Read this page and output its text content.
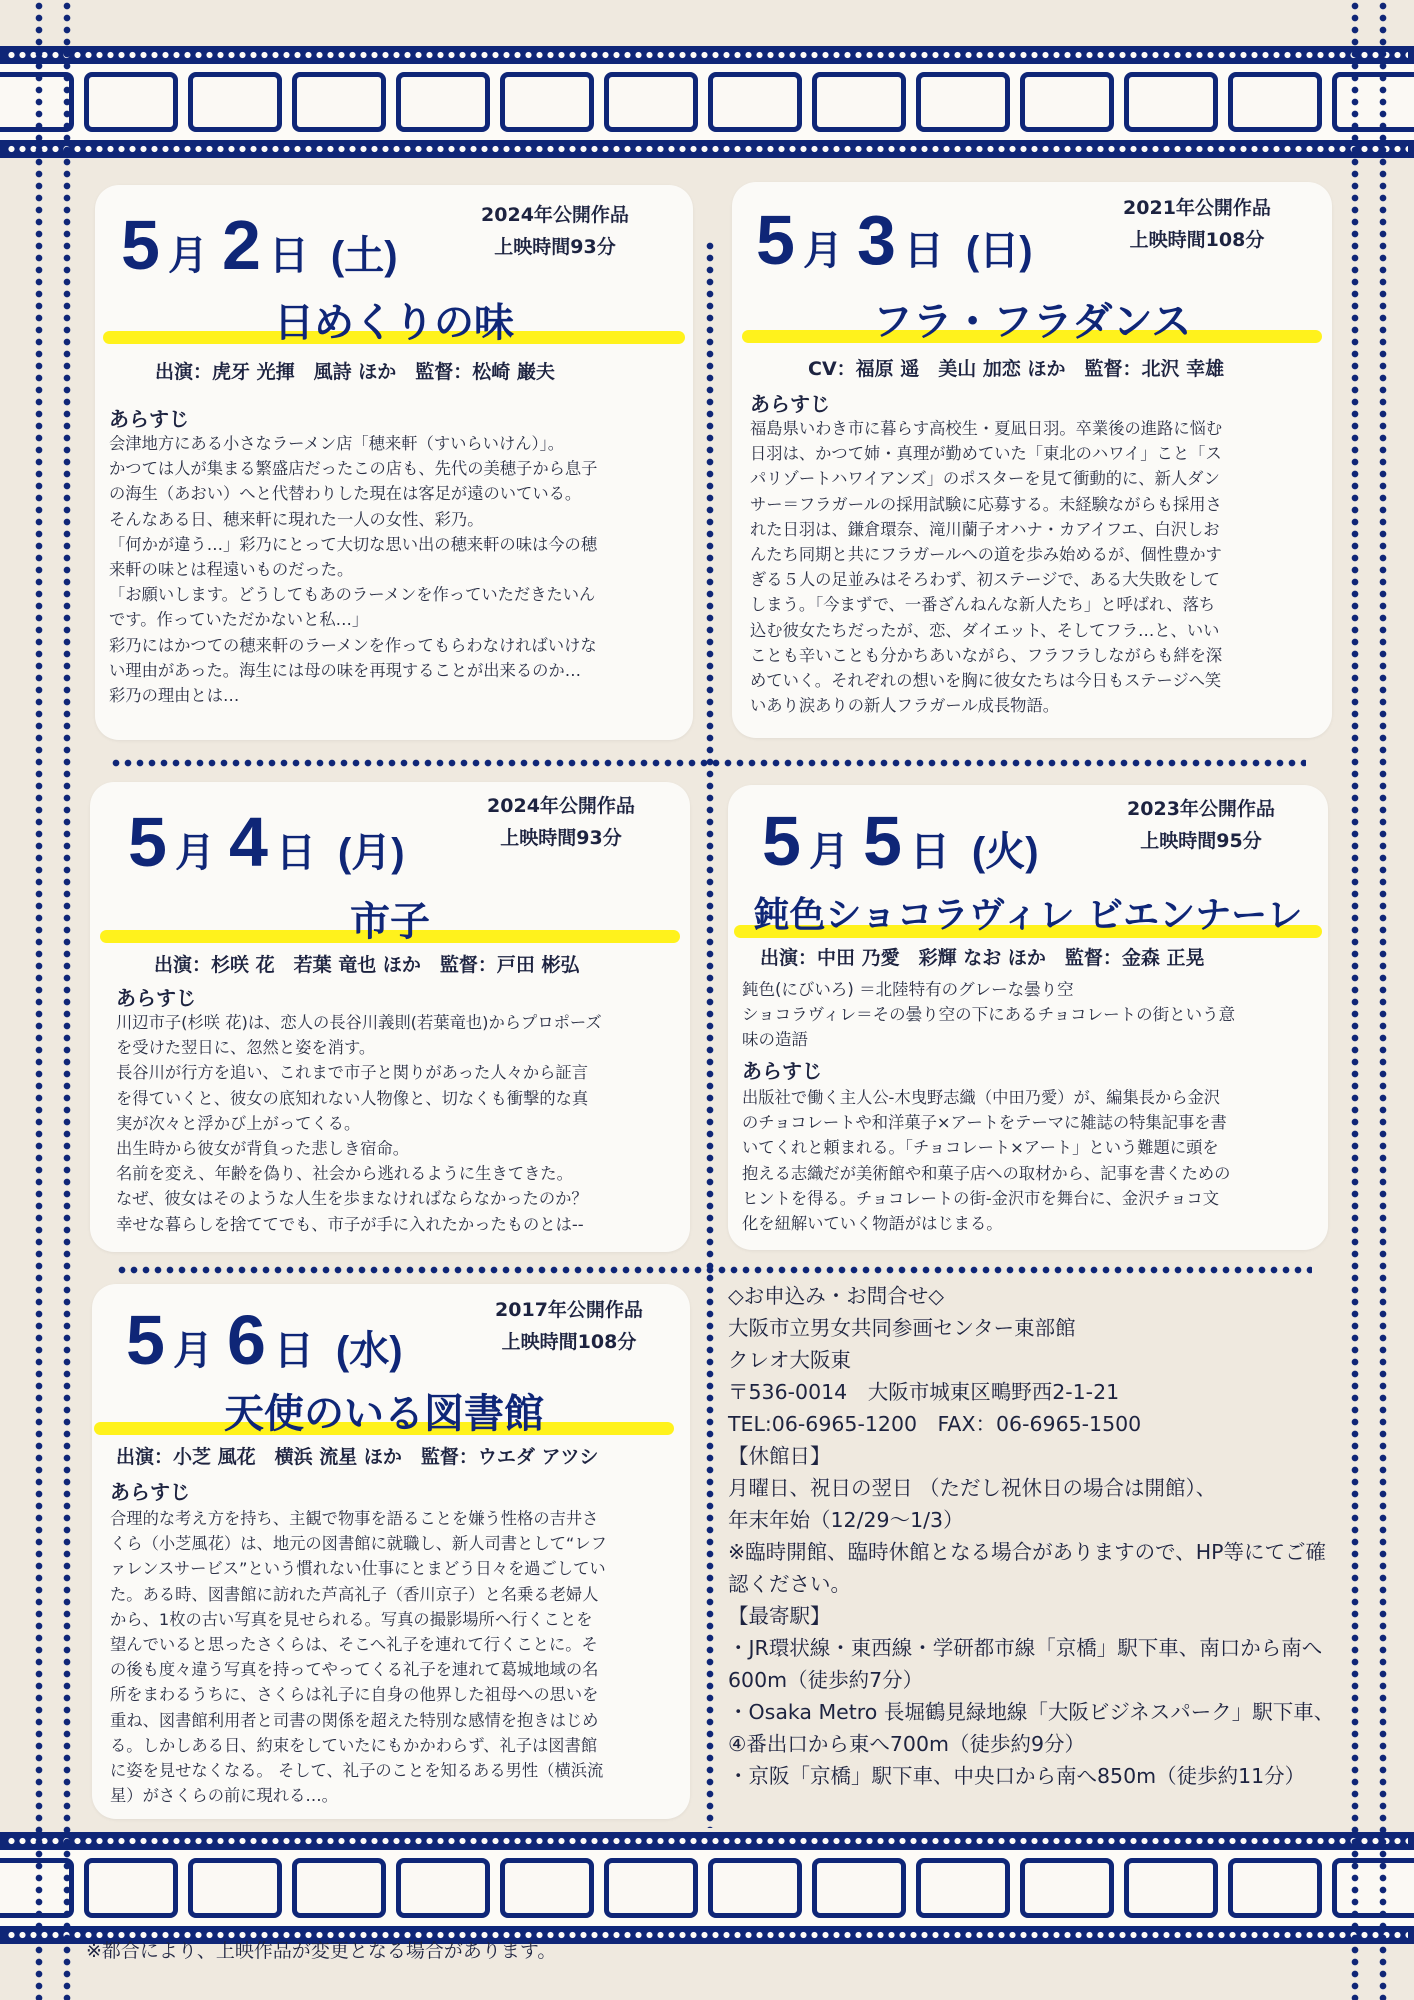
5 月 2 日 (土)
2024年公開作品
上映時間93分
日めくりの味
出演：虎牙 光揮　風詩 ほか　監督：松崎 巌夫
あらすじ
会津地方にある小さなラーメン店「穂来軒（すいらいけん）」。
かつては人が集まる繁盛店だったこの店も、先代の美穂子から息子
の海生（あおい）へと代替わりした現在は客足が遠のいている。
そんなある日、穂来軒に現れた一人の女性、彩乃。
「何かが違う…」彩乃にとって大切な思い出の穂来軒の味は今の穂
来軒の味とは程遠いものだった。
「お願いします。どうしてもあのラーメンを作っていただきたいん
です。作っていただかないと私…」
彩乃にはかつての穂来軒のラーメンを作ってもらわなければいけな
い理由があった。海生には母の味を再現することが出来るのか…
彩乃の理由とは…
5 月 3 日 (日)
2021年公開作品
上映時間108分
フラ・フラダンス
CV：福原 遥　美山 加恋 ほか　監督：北沢 幸雄
あらすじ
福島県いわき市に暮らす高校生・夏凪日羽。卒業後の進路に悩む
日羽は、かつて姉・真理が勤めていた「東北のハワイ」こと「ス
パリゾートハワイアンズ」のポスターを見て衝動的に、新人ダン
サー＝フラガールの採用試験に応募する。未経験ながらも採用さ
れた日羽は、鎌倉環奈、滝川蘭子オハナ・カアイフエ、白沢しお
んたち同期と共にフラガールへの道を歩み始めるが、個性豊かす
ぎる５人の足並みはそろわず、初ステージで、ある大失敗をして
しまう。「今まずで、一番ざんねんな新人たち」と呼ばれ、落ち
込む彼女たちだったが、恋、ダイエット、そしてフラ…と、いい
ことも辛いことも分かちあいながら、フラフラしながらも絆を深
めていく。それぞれの想いを胸に彼女たちは今日もステージへ笑
いあり涙ありの新人フラガール成長物語。
5 月 4 日 (月)
2024年公開作品
上映時間93分
市子
出演：杉咲 花　若葉 竜也 ほか　監督：戸田 彬弘
あらすじ
川辺市子(杉咲 花)は、恋人の長谷川義則(若葉竜也)からプロポーズ
を受けた翌日に、忽然と姿を消す。
長谷川が行方を追い、これまで市子と関りがあった人々から証言
を得ていくと、彼女の底知れない人物像と、切なくも衝撃的な真
実が次々と浮かび上がってくる。
出生時から彼女が背負った悲しき宿命。
名前を変え、年齢を偽り、社会から逃れるように生きてきた。
なぜ、彼女はそのような人生を歩まなければならなかったのか？
幸せな暮らしを捨ててでも、市子が手に入れたかったものとは--
5 月 5 日 (火)
2023年公開作品
上映時間95分
鈍色ショコラヴィレ ビエンナーレ
出演：中田 乃愛　彩輝 なお ほか　監督：金森 正晃
鈍色(にびいろ) ＝北陸特有のグレーな曇り空
ショコラヴィレ＝その曇り空の下にあるチョコレートの街という意
味の造語
あらすじ
出版社で働く主人公-木曳野志織（中田乃愛）が、編集長から金沢
のチョコレートや和洋菓子×アートをテーマに雑誌の特集記事を書
いてくれと頼まれる。「チョコレート×アート」という難題に頭を
抱える志織だが美術館や和菓子店への取材から、記事を書くための
ヒントを得る。チョコレートの街-金沢市を舞台に、金沢チョコ文
化を紐解いていく物語がはじまる。
5 月 6 日 (水)
2017年公開作品
上映時間108分
天使のいる図書館
出演：小芝 風花　横浜 流星 ほか　監督：ウエダ アツシ
あらすじ
合理的な考え方を持ち、主観で物事を語ることを嫌う性格の吉井さ
くら（小芝風花）は、地元の図書館に就職し、新人司書として“レフ
ァレンスサービス”という慣れない仕事にとまどう日々を過ごしてい
た。ある時、図書館に訪れた芦高礼子（香川京子）と名乗る老婦人
から、1枚の古い写真を見せられる。写真の撮影場所へ行くことを
望んでいると思ったさくらは、そこへ礼子を連れて行くことに。そ
の後も度々違う写真を持ってやってくる礼子を連れて葛城地域の名
所をまわるうちに、さくらは礼子に自身の他界した祖母への思いを
重ね、図書館利用者と司書の関係を超えた特別な感情を抱きはじめ
る。しかしある日、約束をしていたにもかかわらず、礼子は図書館
に姿を見せなくなる。 そして、礼子のことを知るある男性（横浜流
星）がさくらの前に現れる…。
◇お申込み・お問合せ◇
大阪市立男女共同参画センター東部館
クレオ大阪東
〒536-0014　大阪市城東区鴫野西2-1-21
TEL:06-6965-1200　FAX：06-6965-1500
【休館日】
月曜日、祝日の翌日 （ただし祝休日の場合は開館）、
年末年始（12/29～1/3）
※臨時開館、臨時休館となる場合がありますので、HP等にてご確認ください。
【最寄駅】
・JR環状線・東西線・学研都市線「京橋」駅下車、南口から南へ600m（徒歩約7分）
・Osaka Metro 長堀鶴見緑地線「大阪ビジネスパーク」駅下車、④番出口から東へ700m（徒歩約9分）
・京阪「京橋」駅下車、中央口から南へ850m（徒歩約11分）
※都合により、上映作品が変更となる場合があります。
